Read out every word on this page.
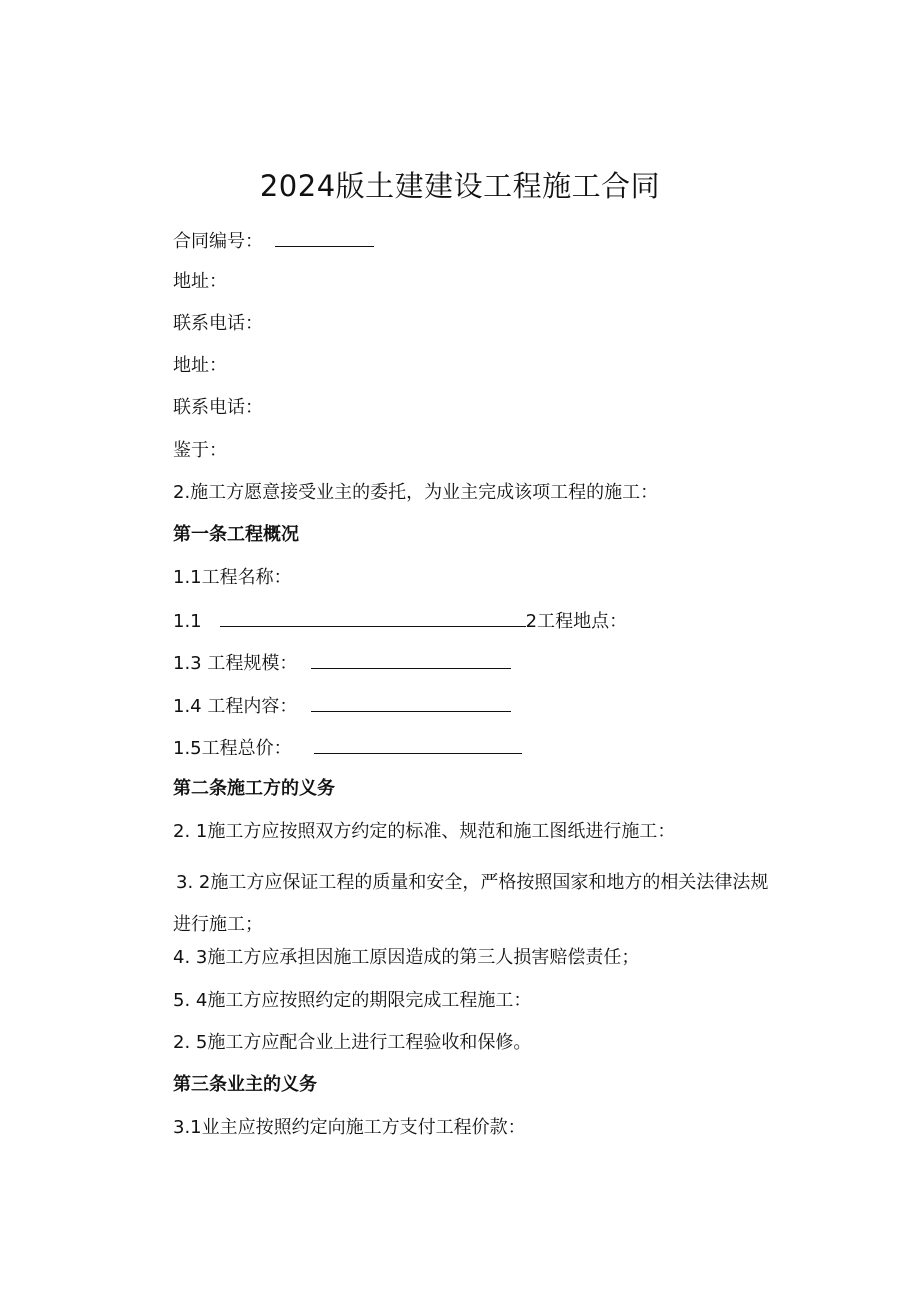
2024版土建建设工程施工合同
合同编号：
地址：
联系电话：
地址：
联系电话：
鉴于：
2.施工方愿意接受业主的委托，为业主完成该项工程的施工：
第一条工程概况
1.1工程名称：
1.1	2工程地点：
1.3 工程规模：
1.4 工程内容：
1.5工程总价：
第二条施工方的义务
2. 1施工方应按照双方约定的标准、规范和施工图纸进行施工：
3. 2施工方应保证工程的质量和安全，严格按照国家和地方的相关法律法规进行施工；
4. 3施工方应承担因施工原因造成的第三人损害赔偿责任；
5. 4施工方应按照约定的期限完成工程施工：
2. 5施工方应配合业上进行工程验收和保修。
第三条业主的义务
3.1业主应按照约定向施工方支付工程价款：
